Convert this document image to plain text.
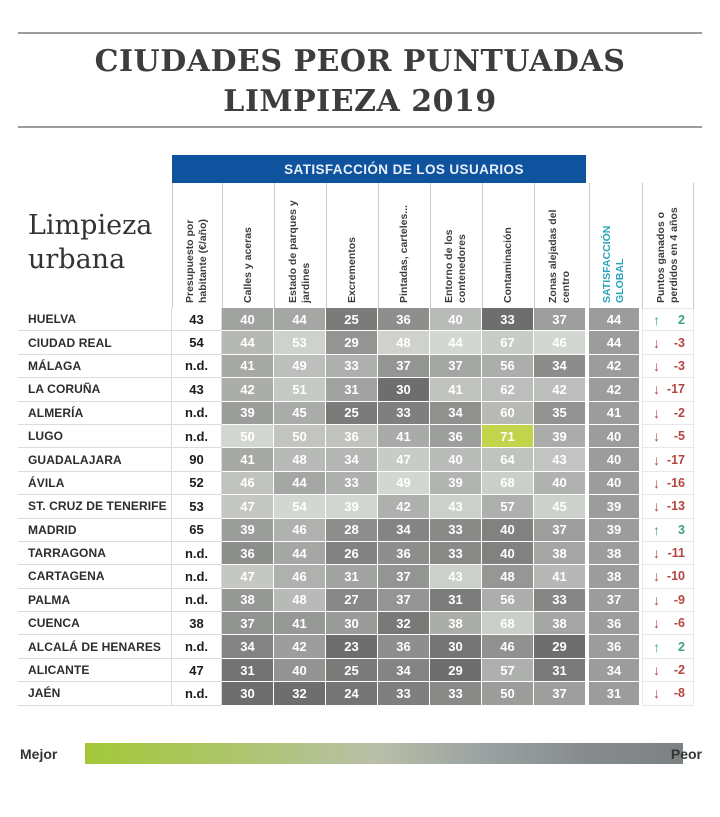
CIUDADES PEOR PUNTUADAS
LIMPIEZA 2019
SATISFACCIÓN DE LOS USUARIOS
Limpieza urbana	Presupuesto por habitante (€/año)	Calles y aceras	Estado de parques y jardines	Excrementos	Pintadas, carteles...	Entorno de los contenedores	Contaminación	Zonas alejadas del centro	SATISFACCIÓN GLOBAL	Puntos ganados o perdidos en 4 años
HUELVA	43	40	44	25	36	40	33	37	44	↑ 2
CIUDAD REAL	54	44	53	29	48	44	67	46	44	↓ -3
MÁLAGA	n.d.	41	49	33	37	37	56	34	42	↓ -3
LA CORUÑA	43	42	51	31	30	41	62	42	42	↓ -17
ALMERÍA	n.d.	39	45	25	33	34	60	35	41	↓ -2
LUGO	n.d.	50	50	36	41	36	71	39	40	↓ -5
GUADALAJARA	90	41	48	34	47	40	64	43	40	↓ -17
ÁVILA	52	46	44	33	49	39	68	40	40	↓ -16
ST. CRUZ DE TENERIFE	53	47	54	39	42	43	57	45	39	↓ -13
MADRID	65	39	46	28	34	33	40	37	39	↑ 3
TARRAGONA	n.d.	36	44	26	36	33	40	38	38	↓ -11
CARTAGENA	n.d.	47	46	31	37	43	48	41	38	↓ -10
PALMA	n.d.	38	48	27	37	31	56	33	37	↓ -9
CUENCA	38	37	41	30	32	38	68	38	36	↓ -6
ALCALÁ DE HENARES	n.d.	34	42	23	36	30	46	29	36	↑ 2
ALICANTE	47	31	40	25	34	29	57	31	34	↓ -2
JAÉN	n.d.	30	32	24	33	33	50	37	31	↓ -8
Mejor	Peor
